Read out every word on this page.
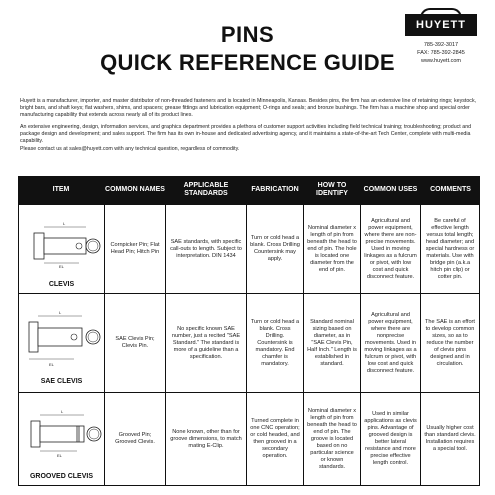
PINS
QUICK REFERENCE GUIDE
HUYETT
785-392-3017
FAX: 785-392-2845
www.huyett.com
Huyett is a manufacturer, importer, and master distributor of non-threaded fasteners and is located in Minneapolis, Kansas. Besides pins, the firm has an extensive line of retaining rings; keystock, bright bars, and shaft keys; flat washers, shims, and spacers; grease fittings and lubrication equipment; O-rings and seals; and bronze bushings. The firm has a machine shop and special order manufacturing capability that extends across nearly all of its product lines.
An extensive engineering, design, information services, and graphics department provides a plethora of customer support activities including field technical training; troubleshooting; product and package design and development; and sales support. The firm has its own in-house and dedicated advertising agency, and it maintains a state-of-the-art Tech Center, complete with multi-media capability.
Please contact us at sales@huyett.com with any technical question, regardless of commodity.
ITEM	COMMON NAMES
APPLICABLE STANDARDS
FABRICATION
HOW TO IDENTIFY
COMMON USES	COMMENTS
L
EL
CLEVIS
Cornpicker Pin; Flat Head Pin; Hitch Pin
SAE standards, with specific call-outs to length. Subject to interpretation. DIN 1434
Turn or cold head a blank. Cross Drilling Countersink may apply.
Nominal diameter x length of pin from beneath the head to end of pin. The hole is located one diameter from the end of pin.
Agricultural and power equipment, where there are non-precise movements. Used in moving linkages as a fulcrum or pivot, with low cost and quick disconnect feature.
Be careful of effective length versus total length; head diameter; and special hardness or materials. Use with bridge pin (a.k.a hitch pin clip) or cotter pin.
L
EL
SAE CLEVIS
SAE Clevis Pin; Clevis Pin.
No specific known SAE number, just a recited "SAE Standard." The standard is more of a guideline than a specification.
Turn or cold head a blank. Cross Drilling. Countersink is mandatory. End chamfer is mandatory.
Standard nominal sizing based on diameter, as in "SAE Clevis Pin, Half Inch." Length is established in standard.
Agricultural and power equipment, where there are nonprecise movements. Used in moving linkages as a fulcrum or pivot, with low cost and quick disconnect feature.
The SAE is an effort to develop common sizes, so as to reduce the number of clevis pins designed and in circulation.
L
EL
GROOVED CLEVIS
Grooved Pin; Grooved Clevis.
None known, other than for groove dimensions, to match mating E-Clip.
Turned complete in one CNC operation; or cold headed, and then grooved in a secondary operation.
Nominal diameter x length of pin from beneath the head to end of pin. The groove is located based on no particular science or known standards.
Used in similar applications as clevis pins. Advantage of grooved design is better lateral resistance and more precise effective length control.
Usually higher cost than standard clevis. Installation requires a special tool.
